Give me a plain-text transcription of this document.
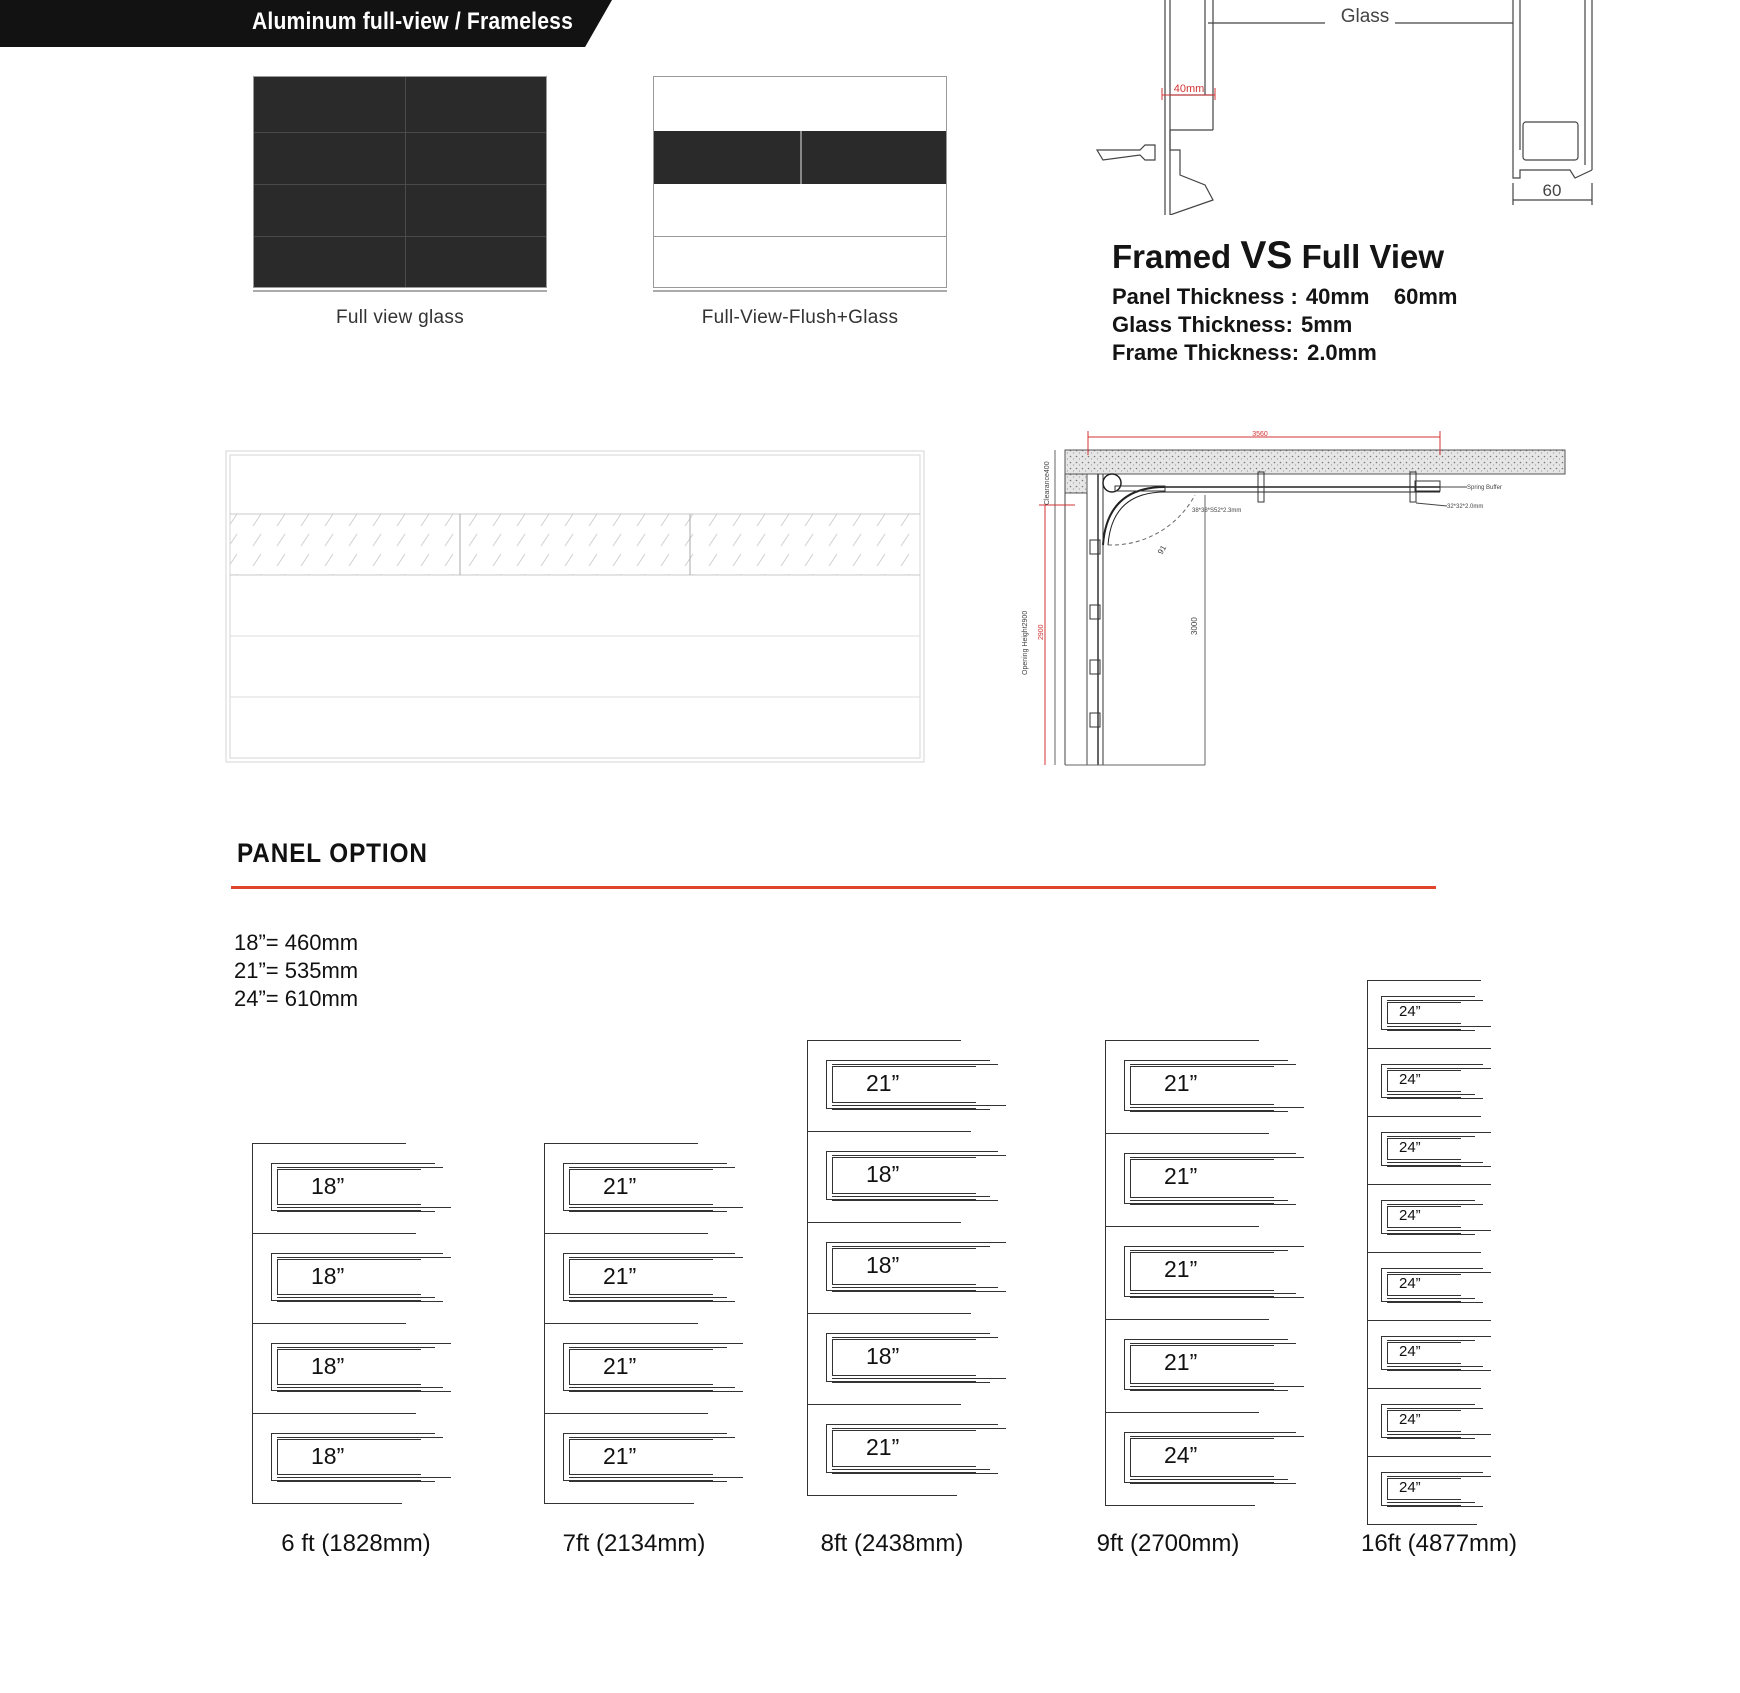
Aluminum full-view / Frameless
Full view glass	Full-View-Flush+Glass
Glass
40mm
60
Framed VS Full View
Panel Thickness : 40mm    60mm
Glass Thickness: 5mm
Frame Thickness: 2.0mm
3560
Clearance400
Opening Height2900 2900	3000
91
38*38*S52*2.3mm
Spring Buffer
32*32*2.0mm
PANEL OPTION
18”= 460mm
21”= 535mm
24”= 610mm
18”
18”
18”
18”
21”
21”
21”
21”
21”
18”
18”
18”
21”
21”
21”
21”
21”
24”
24”
24”
24”
24”
24”
24”
24”
24”
6 ft (1828mm)	7ft (2134mm)	8ft (2438mm)	9ft (2700mm)	16ft (4877mm)
